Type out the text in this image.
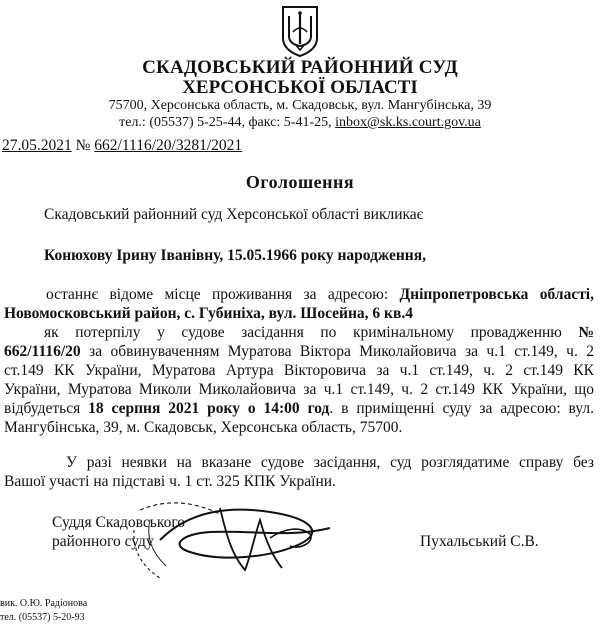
СКАДОВСЬКИЙ РАЙОННИЙ СУД
ХЕРСОНСЬКОЇ ОБЛАСТІ
75700, Херсонська область, м. Скадовськ, вул. Мангубінська, 39
тел.: (05537) 5-25-44, факс: 5-41-25, inbox@sk.ks.court.gov.ua
27.05.2021 № 662/1116/20/3281/2021
Оголошення
Скадовський районний суд Херсонської області викликає
Конюхову Ірину Іванівну, 15.05.1966 року народження,
останнє відоме місце проживання за адресою: Дніпропетровська області,
Новомосковський район, с. Губиніха, вул. Шосейна, 6 кв.4
як потерпілу у судове засідання по кримінальному провадженню №
662/1116/20 за обвинуваченням Муратова Віктора Миколайовича за ч.1 ст.149, ч. 2
ст.149 КК України, Муратова Артура Вікторовича за ч.1 ст.149, ч. 2 ст.149 КК
України, Муратова Миколи Миколайовича за ч.1 ст.149, ч. 2 ст.149 КК України, що
відбудеться 18 серпня 2021 року о 14:00 год. в приміщенні суду за адресою: вул.
Мангубінська, 39, м. Скадовськ, Херсонська область, 75700.
У разі неявки на вказане судове засідання, суд розглядатиме справу без
Вашої участі на підставі ч. 1 ст. 325 КПК України.
Суддя Скадовського
районного суду	Пухальський С.В.
вик. О.Ю. Радіонова
тел. (05537) 5-20-93
